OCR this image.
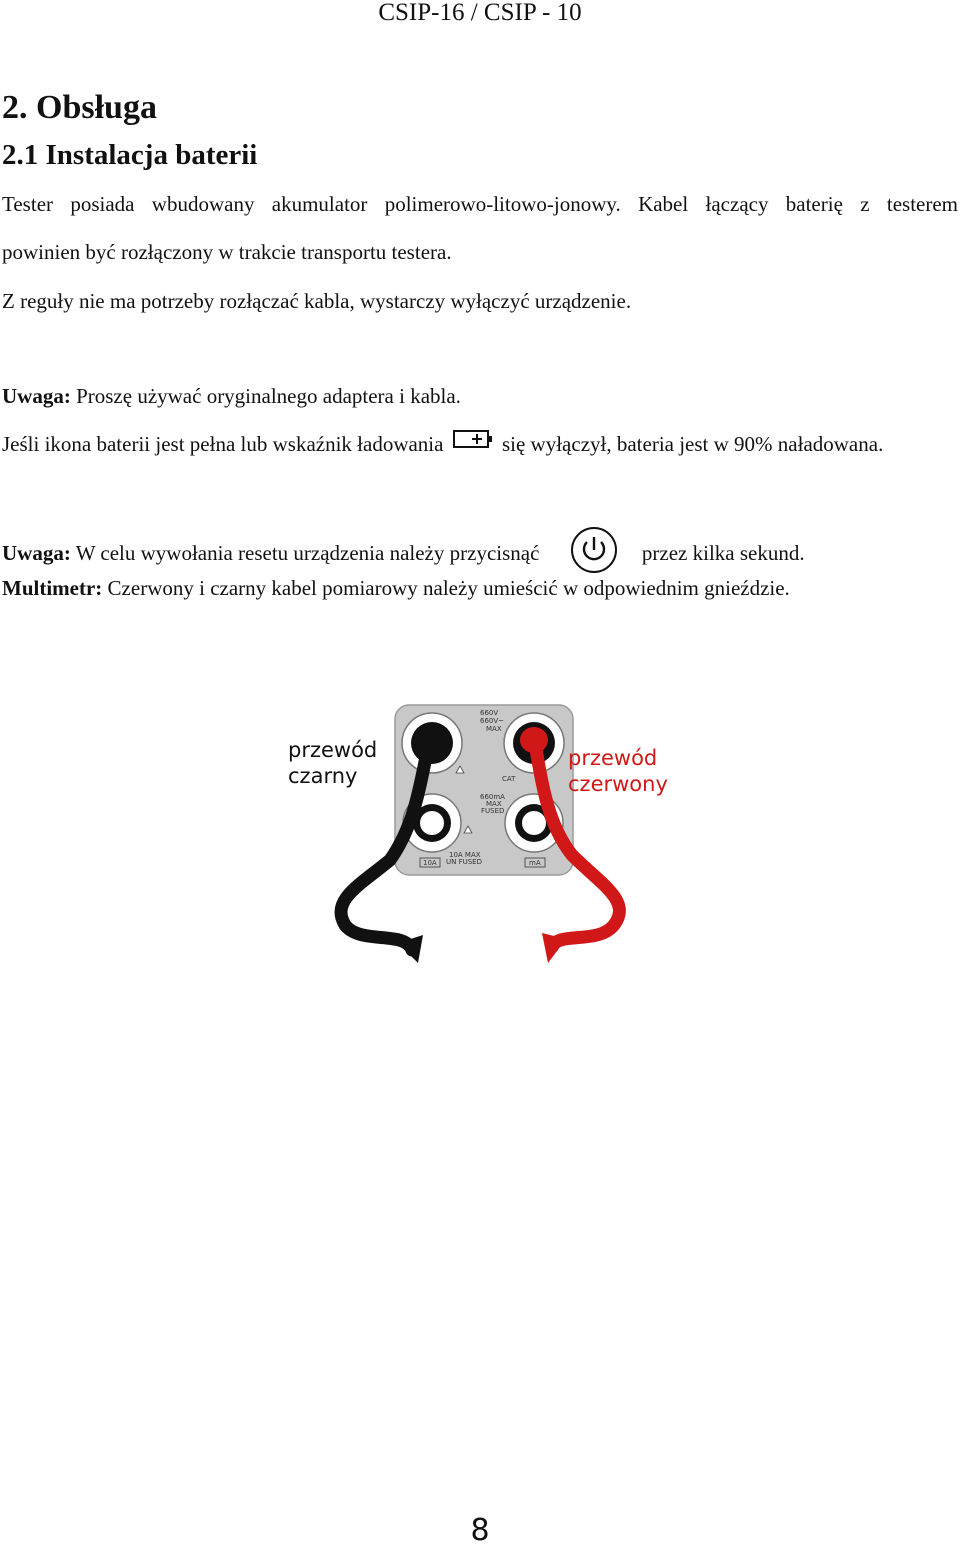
CSIP-16 / CSIP - 10
2. Obsługa
2.1 Instalacja baterii
Tester posiada wbudowany akumulator polimerowo-litowo-jonowy. Kabel łączący baterię z testerem
powinien być rozłączony w trakcie transportu testera.
Z reguły nie ma potrzeby rozłączać kabla, wystarczy wyłączyć urządzenie.
Uwaga: Proszę używać oryginalnego adaptera i kabla.
Jeśli ikona baterii jest pełna lub wskaźnik ładowania	się wyłączył, bateria jest w 90% naładowana.
Uwaga: W celu wywołania resetu urządzenia należy przycisnąć	przez kilka sekund.
Multimetr: Czerwony i czarny kabel pomiarowy należy umieścić w odpowiednim gnieździe.
660V
660V~
MAX
CAT
660mA
MAX
FUSED
10A
10A MAX
UN FUSED	mA
przewód
czarny
przewód
czerwony
8
